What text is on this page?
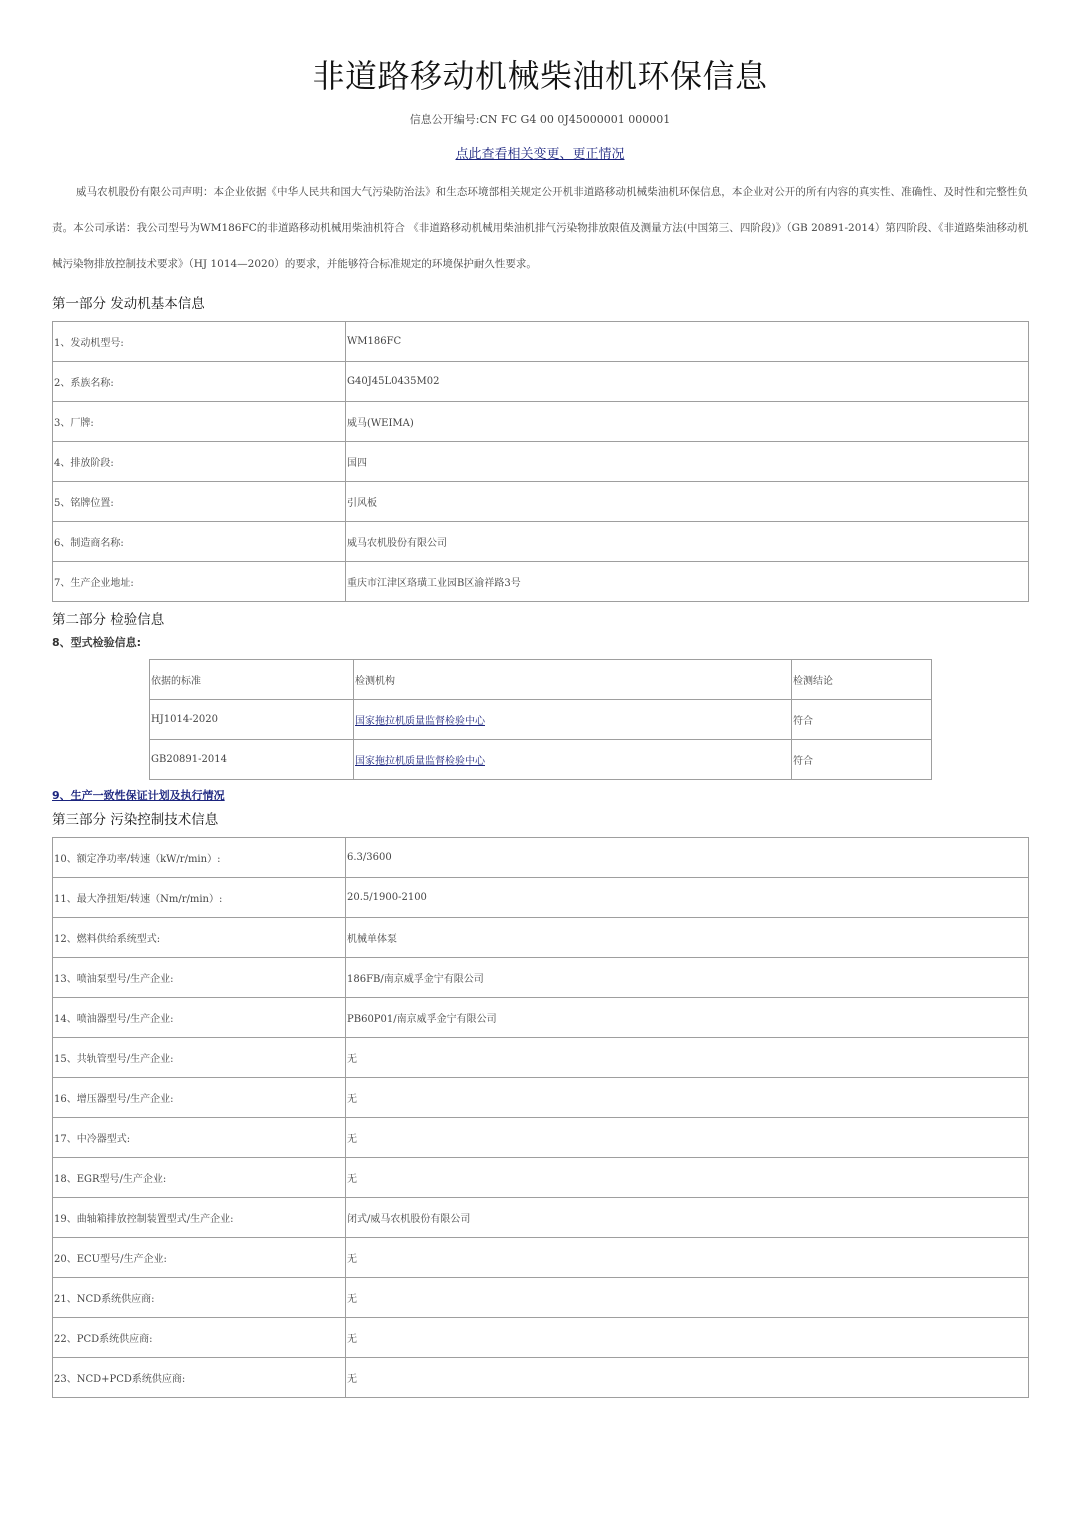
非道路移动机械柴油机环保信息
信息公开编号:CN FC G4 00 0J45000001 000001
点此查看相关变更、更正情况

威马农机股份有限公司声明：本企业依据《中华人民共和国大气污染防治法》和生态环境部相关规定公开机非道路移动机械柴油机环保信息，本企业对公开的所有内容的真实性、准确性、及时性和完整性负责。本公司承诺：我公司型号为WM186FC的非道路移动机械用柴油机符合 《非道路移动机械用柴油机排气污染物排放限值及测量方法(中国第三、四阶段)》（GB 20891-2014）第四阶段、《非道路柴油移动机械污染物排放控制技术要求》（HJ 1014—2020）的要求，并能够符合标准规定的环境保护耐久性要求。

第一部分 发动机基本信息
1、发动机型号:	WM186FC
2、系族名称:	G40J45L0435M02
3、厂牌:	威马(WEIMA)
4、排放阶段:	国四
5、铭牌位置:	引风板
6、制造商名称:	威马农机股份有限公司
7、生产企业地址:	重庆市江津区珞璜工业园B区渝祥路3号
第二部分 检验信息
8、型式检验信息:
依据的标准	检测机构	检测结论
HJ1014-2020	国家拖拉机质量监督检验中心	符合
GB20891-2014	国家拖拉机质量监督检验中心	符合
9、生产一致性保证计划及执行情况
第三部分 污染控制技术信息
10、额定净功率/转速（kW/r/min）:	6.3/3600
11、最大净扭矩/转速（Nm/r/min）:	20.5/1900-2100
12、燃料供给系统型式:	机械单体泵
13、喷油泵型号/生产企业:	186FB/南京威孚金宁有限公司
14、喷油器型号/生产企业:	PB60P01/南京威孚金宁有限公司
15、共轨管型号/生产企业:	无
16、增压器型号/生产企业:	无
17、中冷器型式:	无
18、EGR型号/生产企业:	无
19、曲轴箱排放控制装置型式/生产企业:	闭式/威马农机股份有限公司
20、ECU型号/生产企业:	无
21、NCD系统供应商:	无
22、PCD系统供应商:	无
23、NCD+PCD系统供应商:	无
